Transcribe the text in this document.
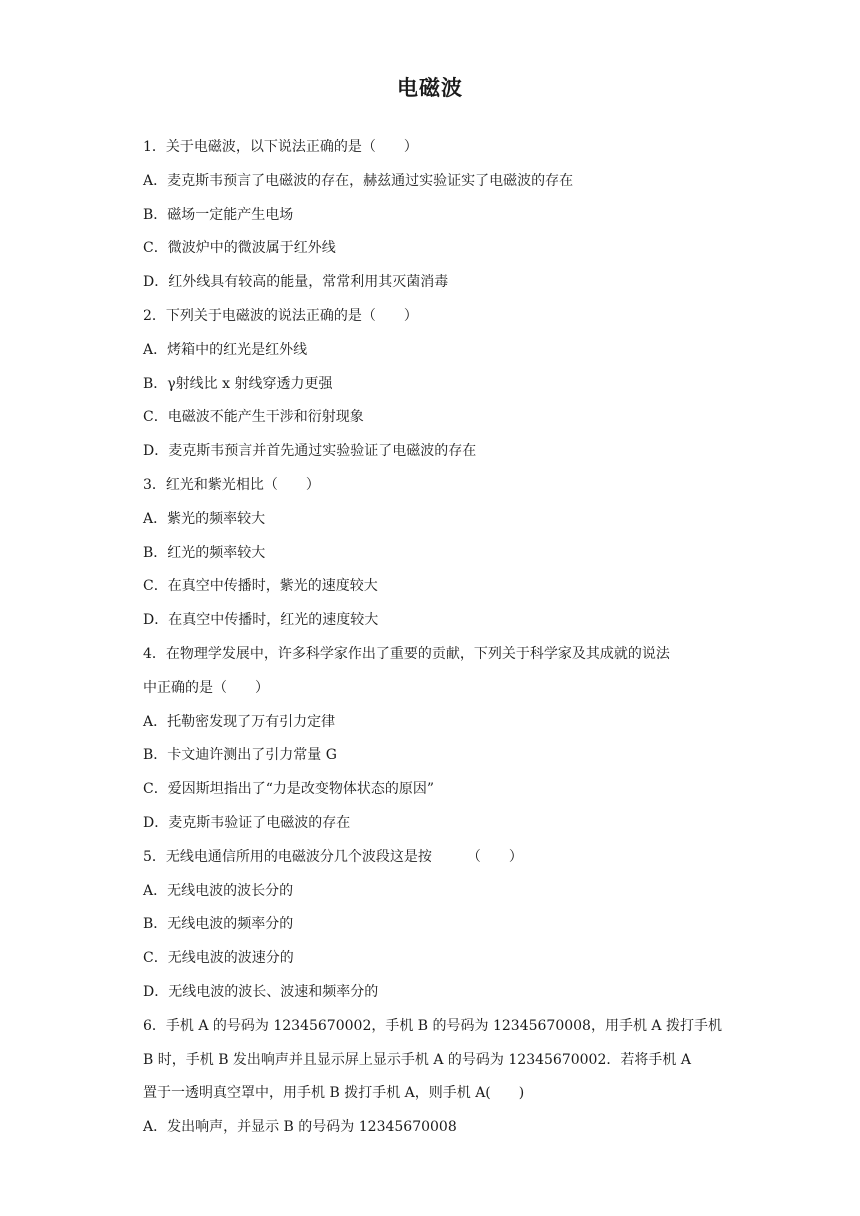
电磁波
1．关于电磁波，以下说法正确的是（　　）
A．麦克斯韦预言了电磁波的存在，赫兹通过实验证实了电磁波的存在
B．磁场一定能产生电场
C．微波炉中的微波属于红外线
D．红外线具有较高的能量，常常利用其灭菌消毒
2．下列关于电磁波的说法正确的是（　　）
A．烤箱中的红光是红外线
B．γ射线比 x 射线穿透力更强
C．电磁波不能产生干涉和衍射现象
D．麦克斯韦预言并首先通过实验验证了电磁波的存在
3．红光和紫光相比（　　）
A．紫光的频率较大
B．红光的频率较大
C．在真空中传播时，紫光的速度较大
D．在真空中传播时，红光的速度较大
4．在物理学发展中，许多科学家作出了重要的贡献，下列关于科学家及其成就的说法
中正确的是（　　）
A．托勒密发现了万有引力定律
B．卡文迪许测出了引力常量 G
C．爱因斯坦指出了“力是改变物体状态的原因”
D．麦克斯韦验证了电磁波的存在
5．无线电通信所用的电磁波分几个波段这是按　　　（　　）
A．无线电波的波长分的
B．无线电波的频率分的
C．无线电波的波速分的
D．无线电波的波长、波速和频率分的
6．手机 A 的号码为 12345670002，手机 B 的号码为 12345670008，用手机 A 拨打手机
B 时，手机 B 发出响声并且显示屏上显示手机 A 的号码为 12345670002．若将手机 A
置于一透明真空罩中，用手机 B 拨打手机 A，则手机 A(　　)
A．发出响声，并显示 B 的号码为 12345670008
